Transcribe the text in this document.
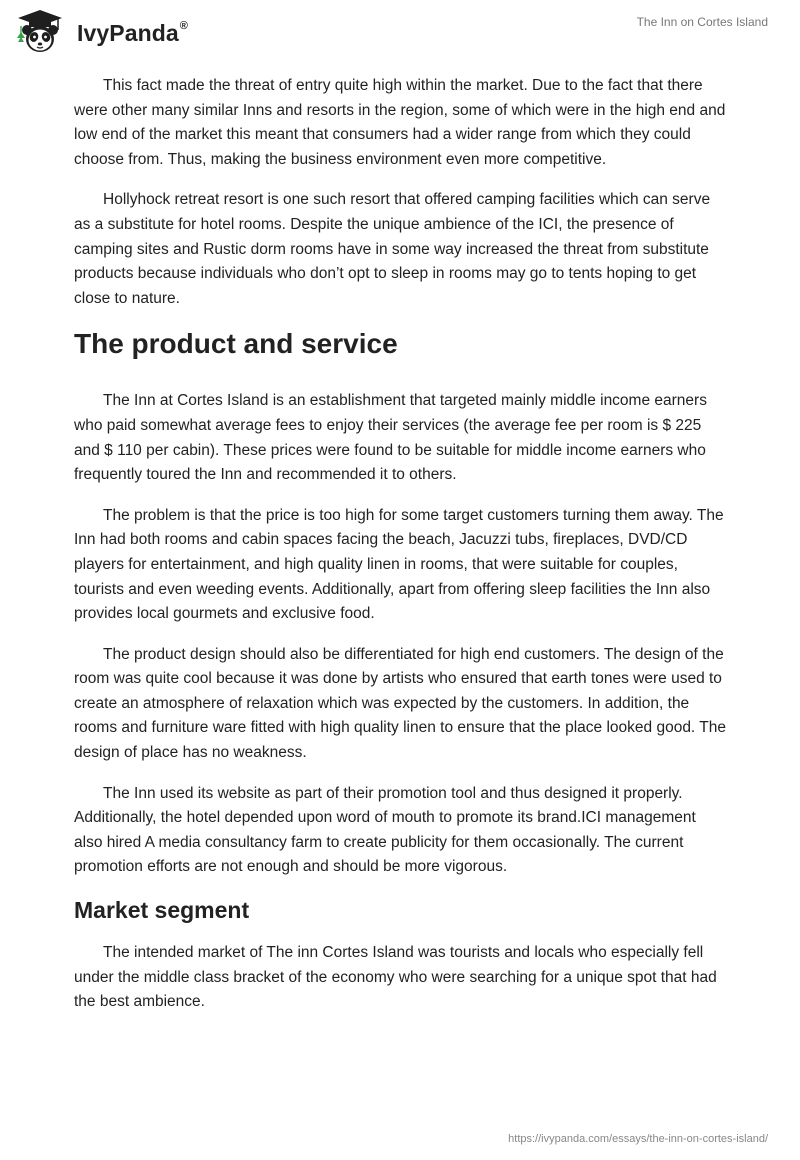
IvyPanda®	The Inn on Cortes Island

This fact made the threat of entry quite high within the market. Due to the fact that there were other many similar Inns and resorts in the region, some of which were in the high end and low end of the market this meant that consumers had a wider range from which they could choose from. Thus, making the business environment even more competitive.

Hollyhock retreat resort is one such resort that offered camping facilities which can serve as a substitute for hotel rooms. Despite the unique ambience of the ICI, the presence of camping sites and Rustic dorm rooms have in some way increased the threat from substitute products because individuals who don’t opt to sleep in rooms may go to tents hoping to get close to nature.

The product and service

The Inn at Cortes Island is an establishment that targeted mainly middle income earners who paid somewhat average fees to enjoy their services (the average fee per room is $ 225 and $ 110 per cabin). These prices were found to be suitable for middle income earners who frequently toured the Inn and recommended it to others.

The problem is that the price is too high for some target customers turning them away. The Inn had both rooms and cabin spaces facing the beach, Jacuzzi tubs, fireplaces, DVD/CD players for entertainment, and high quality linen in rooms, that were suitable for couples, tourists and even weeding events. Additionally, apart from offering sleep facilities the Inn also provides local gourmets and exclusive food.

The product design should also be differentiated for high end customers. The design of the room was quite cool because it was done by artists who ensured that earth tones were used to create an atmosphere of relaxation which was expected by the customers. In addition, the rooms and furniture ware fitted with high quality linen to ensure that the place looked good. The design of place has no weakness.

The Inn used its website as part of their promotion tool and thus designed it properly. Additionally, the hotel depended upon word of mouth to promote its brand.ICI management also hired A media consultancy farm to create publicity for them occasionally. The current promotion efforts are not enough and should be more vigorous.

Market segment

The intended market of The inn Cortes Island was tourists and locals who especially fell under the middle class bracket of the economy who were searching for a unique spot that had the best ambience.

https://ivypanda.com/essays/the-inn-on-cortes-island/
